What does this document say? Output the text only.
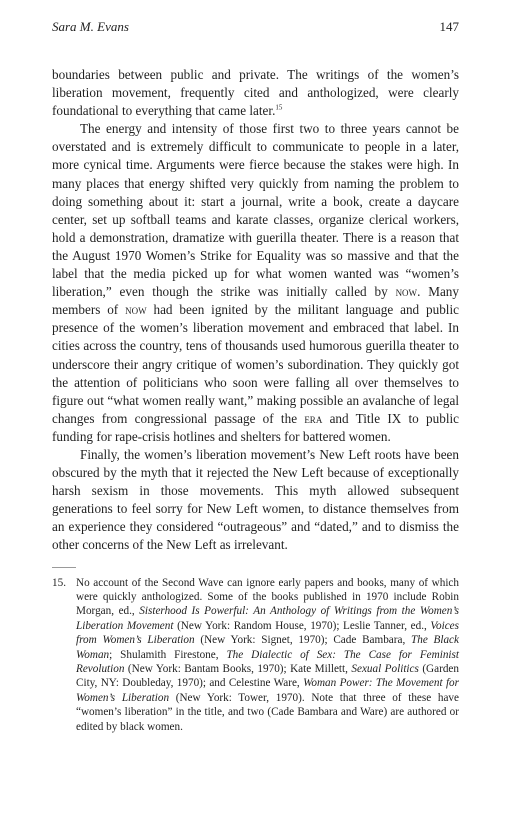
Sara M. Evans	147

boundaries between public and private. The writings of the women’s liberation movement, frequently cited and anthologized, were clearly foundational to everything that came later.$^{15}$

The energy and intensity of those first two to three years cannot be overstated and is extremely difficult to communicate to people in a later, more cynical time. Arguments were fierce because the stakes were high. In many places that energy shifted very quickly from naming the problem to doing something about it: start a journal, write a book, create a daycare center, set up softball teams and karate classes, organize clerical workers, hold a demonstration, dramatize with guerilla theater. There is a reason that the August 1970 Women’s Strike for Equality was so massive and that the label that the media picked up for what women wanted was “women’s liberation,” even though the strike was initially called by now. Many members of now had been ignited by the militant language and public presence of the women’s liberation movement and embraced that label. In cities across the country, tens of thousands used humorous guerilla theater to underscore their angry critique of women’s subordination. They quickly got the attention of politicians who soon were falling all over themselves to figure out “what women really want,” making possible an avalanche of legal changes from congressional passage of the era and Title IX to public funding for rape-crisis hotlines and shelters for battered women.

Finally, the women’s liberation movement’s New Left roots have been obscured by the myth that it rejected the New Left because of exceptionally harsh sexism in those movements. This myth allowed subsequent generations to feel sorry for New Left women, to distance themselves from an experience they considered “outrageous” and “dated,” and to dismiss the other concerns of the New Left as irrelevant.

15. No account of the Second Wave can ignore early papers and books, many of which were quickly anthologized. Some of the books published in 1970 include Robin Morgan, ed., Sisterhood Is Powerful: An Anthology of Writings from the Women’s Liberation Movement (New York: Random House, 1970); Leslie Tanner, ed., Voices from Women’s Liberation (New York: Signet, 1970); Cade Bambara, The Black Woman; Shulamith Firestone, The Dialectic of Sex: The Case for Feminist Revolution (New York: Bantam Books, 1970); Kate Millett, Sexual Politics (Garden City, NY: Doubleday, 1970); and Celestine Ware, Woman Power: The Movement for Women’s Liberation (New York: Tower, 1970). Note that three of these have “women’s liberation” in the title, and two (Cade Bambara and Ware) are authored or edited by black women.
